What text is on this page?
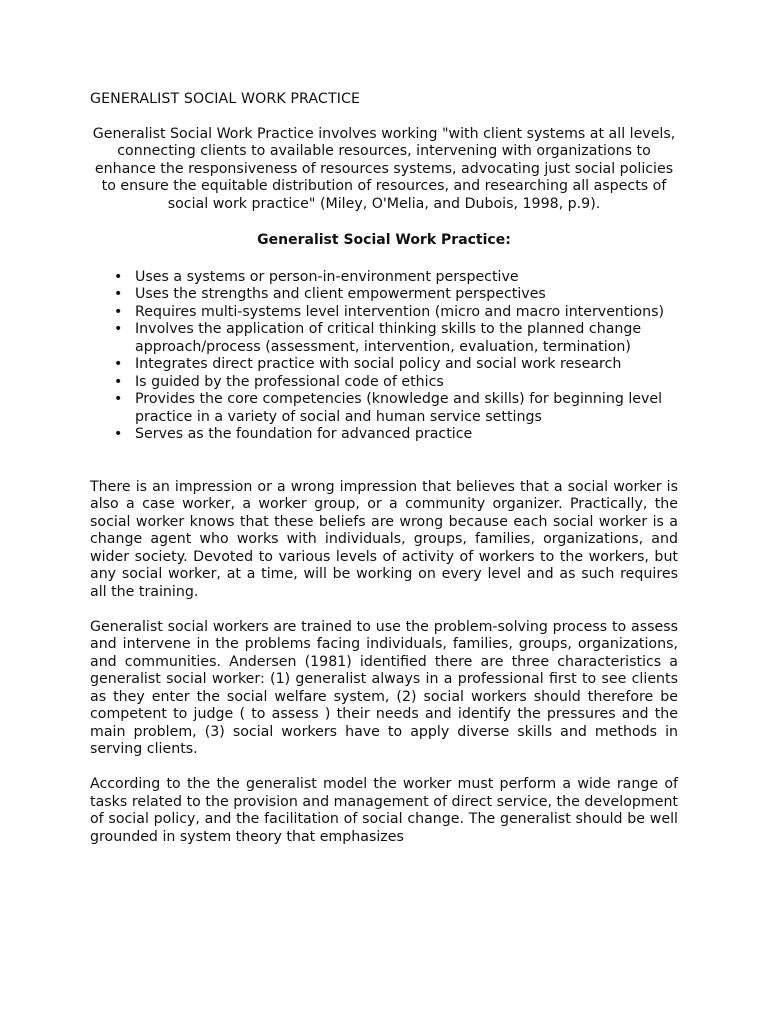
GENERALIST SOCIAL WORK PRACTICE

Generalist Social Work Practice involves working "with client systems at all levels, connecting clients to available resources, intervening with organizations to enhance the responsiveness of resources systems, advocating just social policies to ensure the equitable distribution of resources, and researching all aspects of social work practice" (Miley, O'Melia, and Dubois, 1998, p.9).

Generalist Social Work Practice:
• Uses a systems or person-in-environment perspective
• Uses the strengths and client empowerment perspectives
• Requires multi-systems level intervention (micro and macro interventions)
• Involves the application of critical thinking skills to the planned change approach/process (assessment, intervention, evaluation, termination)
• Integrates direct practice with social policy and social work research
• Is guided by the professional code of ethics
• Provides the core competencies (knowledge and skills) for beginning level practice in a variety of social and human service settings
• Serves as the foundation for advanced practice

There is an impression or a wrong impression that believes that a social worker is also a case worker, a worker group, or a community organizer. Practically, the social worker knows that these beliefs are wrong because each social worker is a change agent who works with individuals, groups, families, organizations, and wider society. Devoted to various levels of activity of workers to the workers, but any social worker, at a time, will be working on every level and as such requires all the training.

Generalist social workers are trained to use the problem-solving process to assess and intervene in the problems facing individuals, families, groups, organizations, and communities. Andersen (1981) identified there are three characteristics a generalist social worker: (1) generalist always in a professional first to see clients as they enter the social welfare system, (2) social workers should therefore be competent to judge ( to assess ) their needs and identify the pressures and the main problem, (3) social workers have to apply diverse skills and methods in serving clients.

According to the the generalist model the worker must perform a wide range of tasks related to the provision and management of direct service, the development of social policy, and the facilitation of social change. The generalist should be well grounded in system theory that emphasizes
